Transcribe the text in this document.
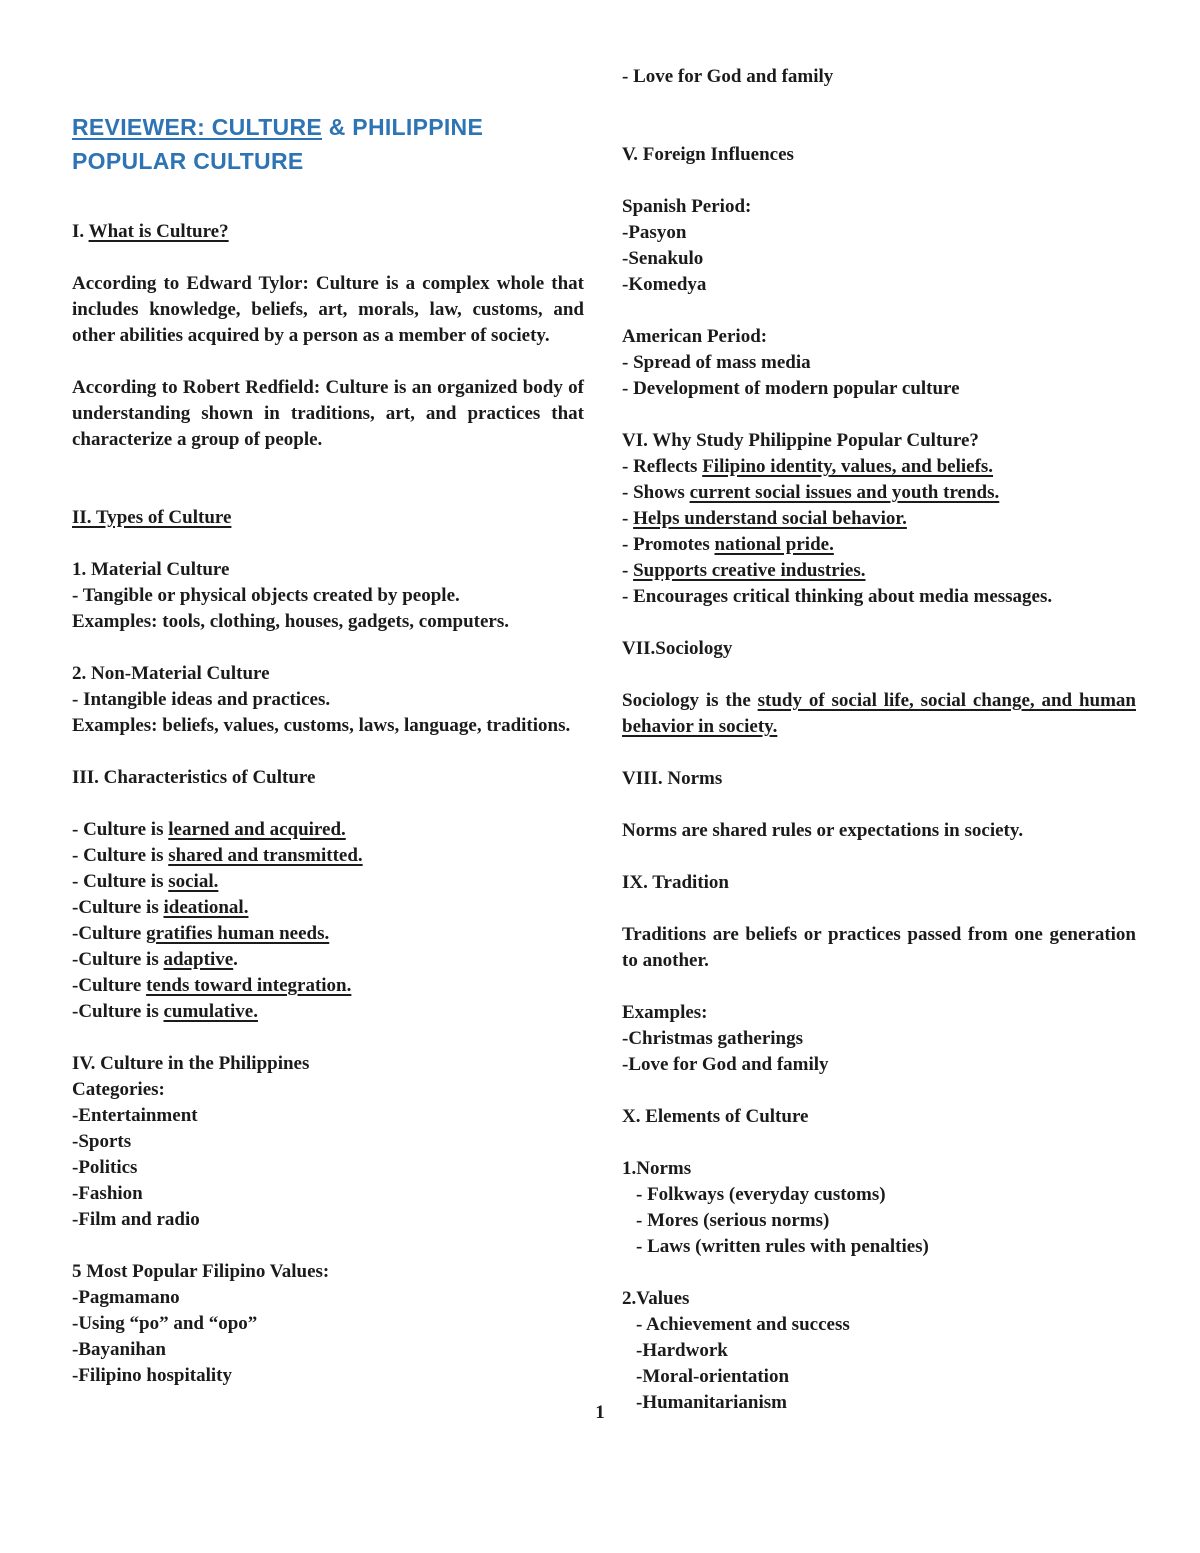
REVIEWER: CULTURE & PHILIPPINE POPULAR CULTURE
I. What is Culture?
According to Edward Tylor: Culture is a complex whole that includes knowledge, beliefs, art, morals, law, customs, and other abilities acquired by a person as a member of society.
According to Robert Redfield: Culture is an organized body of understanding shown in traditions, art, and practices that characterize a group of people.
II. Types of Culture
1. Material Culture
- Tangible or physical objects created by people.
Examples: tools, clothing, houses, gadgets, computers.
2. Non-Material Culture
- Intangible ideas and practices.
Examples: beliefs, values, customs, laws, language, traditions.
III. Characteristics of Culture
- Culture is learned and acquired.
- Culture is shared and transmitted.
- Culture is social.
-Culture is ideational.
-Culture gratifies human needs.
-Culture is adaptive.
-Culture tends toward integration.
-Culture is cumulative.
IV. Culture in the Philippines
Categories:
-Entertainment
-Sports
-Politics
-Fashion
-Film and radio
5 Most Popular Filipino Values:
-Pagmamano
-Using “po” and “opo”
-Bayanihan
-Filipino hospitality
- Love for God and family
V. Foreign Influences
Spanish Period:
-Pasyon
-Senakulo
-Komedya
American Period:
- Spread of mass media
- Development of modern popular culture
VI. Why Study Philippine Popular Culture?
- Reflects Filipino identity, values, and beliefs.
- Shows current social issues and youth trends.
- Helps understand social behavior.
- Promotes national pride.
- Supports creative industries.
- Encourages critical thinking about media messages.
VII.Sociology
Sociology is the study of social life, social change, and human behavior in society.
VIII. Norms
Norms are shared rules or expectations in society.
IX. Tradition
Traditions are beliefs or practices passed from one generation to another.
Examples:
-Christmas gatherings
-Love for God and family
X. Elements of Culture
1.Norms
- Folkways (everyday customs)
- Mores (serious norms)
- Laws (written rules with penalties)
2.Values
- Achievement and success
-Hardwork
-Moral-orientation
-Humanitarianism
1
